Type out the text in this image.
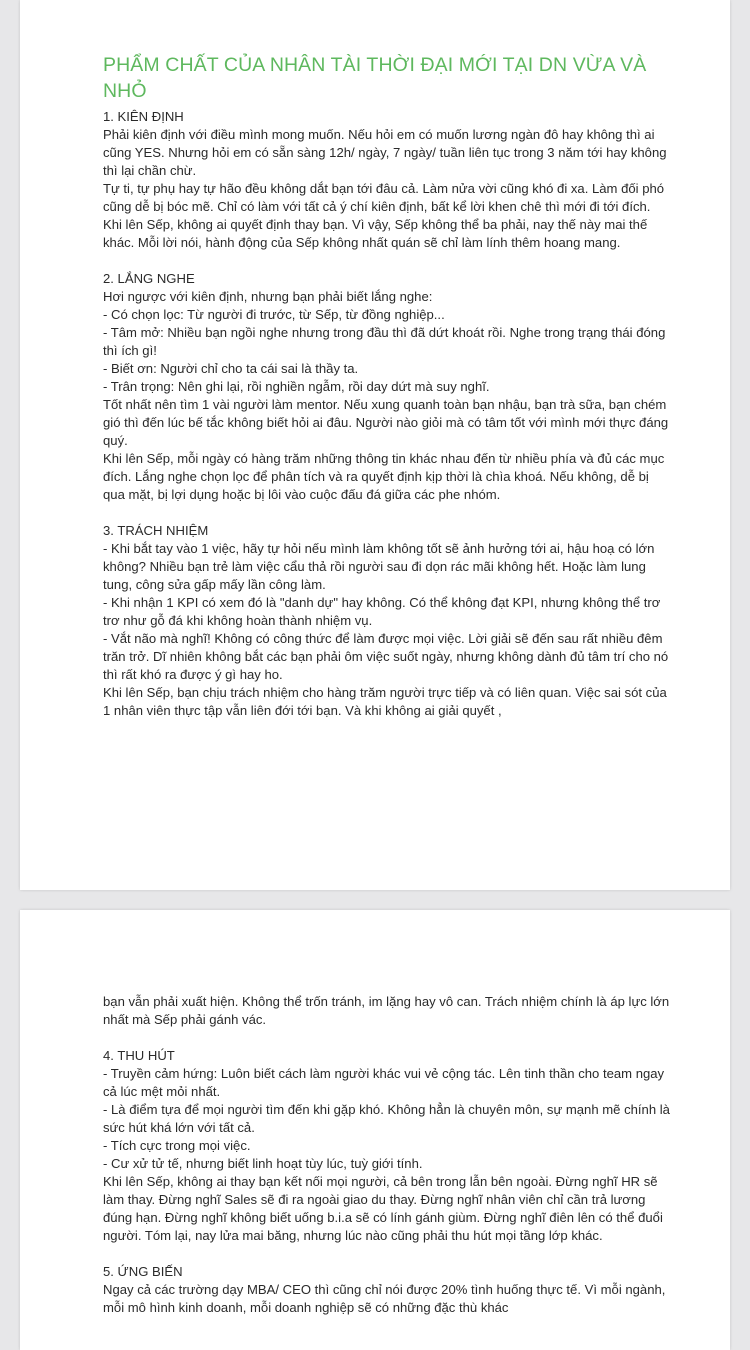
PHẨM CHẤT CỦA NHÂN TÀI THỜI ĐẠI MỚI TẠI DN VỪA VÀ NHỎ

1. KIÊN ĐỊNH

Phải kiên định với điều mình mong muốn. Nếu hỏi em có muốn lương ngàn đô hay không thì ai cũng YES. Nhưng hỏi em có sẵn sàng 12h/ ngày, 7 ngày/ tuần liên tục trong 3 năm tới hay không thì lại chần chừ.
Tự ti, tự phụ hay tự hão đều không dắt bạn tới đâu cả. Làm nửa vời cũng khó đi xa. Làm đối phó cũng dễ bị bóc mẽ. Chỉ có làm với tất cả ý chí kiên định, bất kể lời khen chê thì mới đi tới đích.
Khi lên Sếp, không ai quyết định thay bạn. Vì vậy, Sếp không thể ba phải, nay thế này mai thế khác. Mỗi lời nói, hành động của Sếp không nhất quán sẽ chỉ làm lính thêm hoang mang.

2. LẮNG NGHE

Hơi ngược với kiên định, nhưng bạn phải biết lắng nghe:
- Có chọn lọc: Từ người đi trước, từ Sếp, từ đồng nghiệp...
- Tâm mở: Nhiều bạn ngồi nghe nhưng trong đầu thì đã dứt khoát rồi. Nghe trong trạng thái đóng thì ích gì!
- Biết ơn: Người chỉ cho ta cái sai là thầy ta.
- Trân trọng: Nên ghi lại, rồi nghiền ngẫm, rồi day dứt mà suy nghĩ.
Tốt nhất nên tìm 1 vài người làm mentor. Nếu xung quanh toàn bạn nhậu, bạn trà sữa, bạn chém gió thì đến lúc bế tắc không biết hỏi ai đâu. Người nào giỏi mà có tâm tốt với mình mới thực đáng quý.
Khi lên Sếp, mỗi ngày có hàng trăm những thông tin khác nhau đến từ nhiều phía và đủ các mục đích. Lắng nghe chọn lọc để phân tích và ra quyết định kịp thời là chìa khoá. Nếu không, dễ bị qua mặt, bị lợi dụng hoặc bị lôi vào cuộc đấu đá giữa các phe nhóm.

3. TRÁCH NHIỆM

- Khi bắt tay vào 1 việc, hãy tự hỏi nếu mình làm không tốt sẽ ảnh hưởng tới ai, hậu hoạ có lớn không? Nhiều bạn trẻ làm việc cẩu thả rồi người sau đi dọn rác mãi không hết. Hoặc làm lung tung, công sửa gấp mấy lần công làm.
- Khi nhận 1 KPI có xem đó là "danh dự" hay không. Có thể không đạt KPI, nhưng không thể trơ trơ như gỗ đá khi không hoàn thành nhiệm vụ.
- Vắt não mà nghĩ! Không có công thức để làm được mọi việc. Lời giải sẽ đến sau rất nhiều đêm trăn trở. Dĩ nhiên không bắt các bạn phải ôm việc suốt ngày, nhưng không dành đủ tâm trí cho nó thì rất khó ra được ý gì hay ho.
Khi lên Sếp, bạn chịu trách nhiệm cho hàng trăm người trực tiếp và có liên quan. Việc sai sót của 1 nhân viên thực tập vẫn liên đới tới bạn. Và khi không ai giải quyết ,

bạn vẫn phải xuất hiện. Không thể trốn tránh, im lặng hay vô can. Trách nhiệm chính là áp lực lớn nhất mà Sếp phải gánh vác.

4. THU HÚT

- Truyền cảm hứng: Luôn biết cách làm người khác vui vẻ cộng tác. Lên tinh thần cho team ngay cả lúc mệt mỏi nhất.
- Là điểm tựa để mọi người tìm đến khi gặp khó. Không hẳn là chuyên môn, sự mạnh mẽ chính là sức hút khá lớn với tất cả.
- Tích cực trong mọi việc.
- Cư xử tử tế, nhưng biết linh hoạt tùy lúc, tuỳ giới tính.
Khi lên Sếp, không ai thay bạn kết nối mọi người, cả bên trong lẫn bên ngoài. Đừng nghĩ HR sẽ làm thay. Đừng nghĩ Sales sẽ đi ra ngoài giao du thay. Đừng nghĩ nhân viên chỉ cần trả lương đúng hạn. Đừng nghĩ không biết uống b.i.a sẽ có lính gánh giùm. Đừng nghĩ điên lên có thể đuổi người. Tóm lại, nay lửa mai băng, nhưng lúc nào cũng phải thu hút mọi tầng lớp khác.

5. ỨNG BIẾN

Ngay cả các trường dạy MBA/ CEO thì cũng chỉ nói được 20% tình huống thực tế. Vì mỗi ngành, mỗi mô hình kinh doanh, mỗi doanh nghiệp sẽ có những đặc thù khác
